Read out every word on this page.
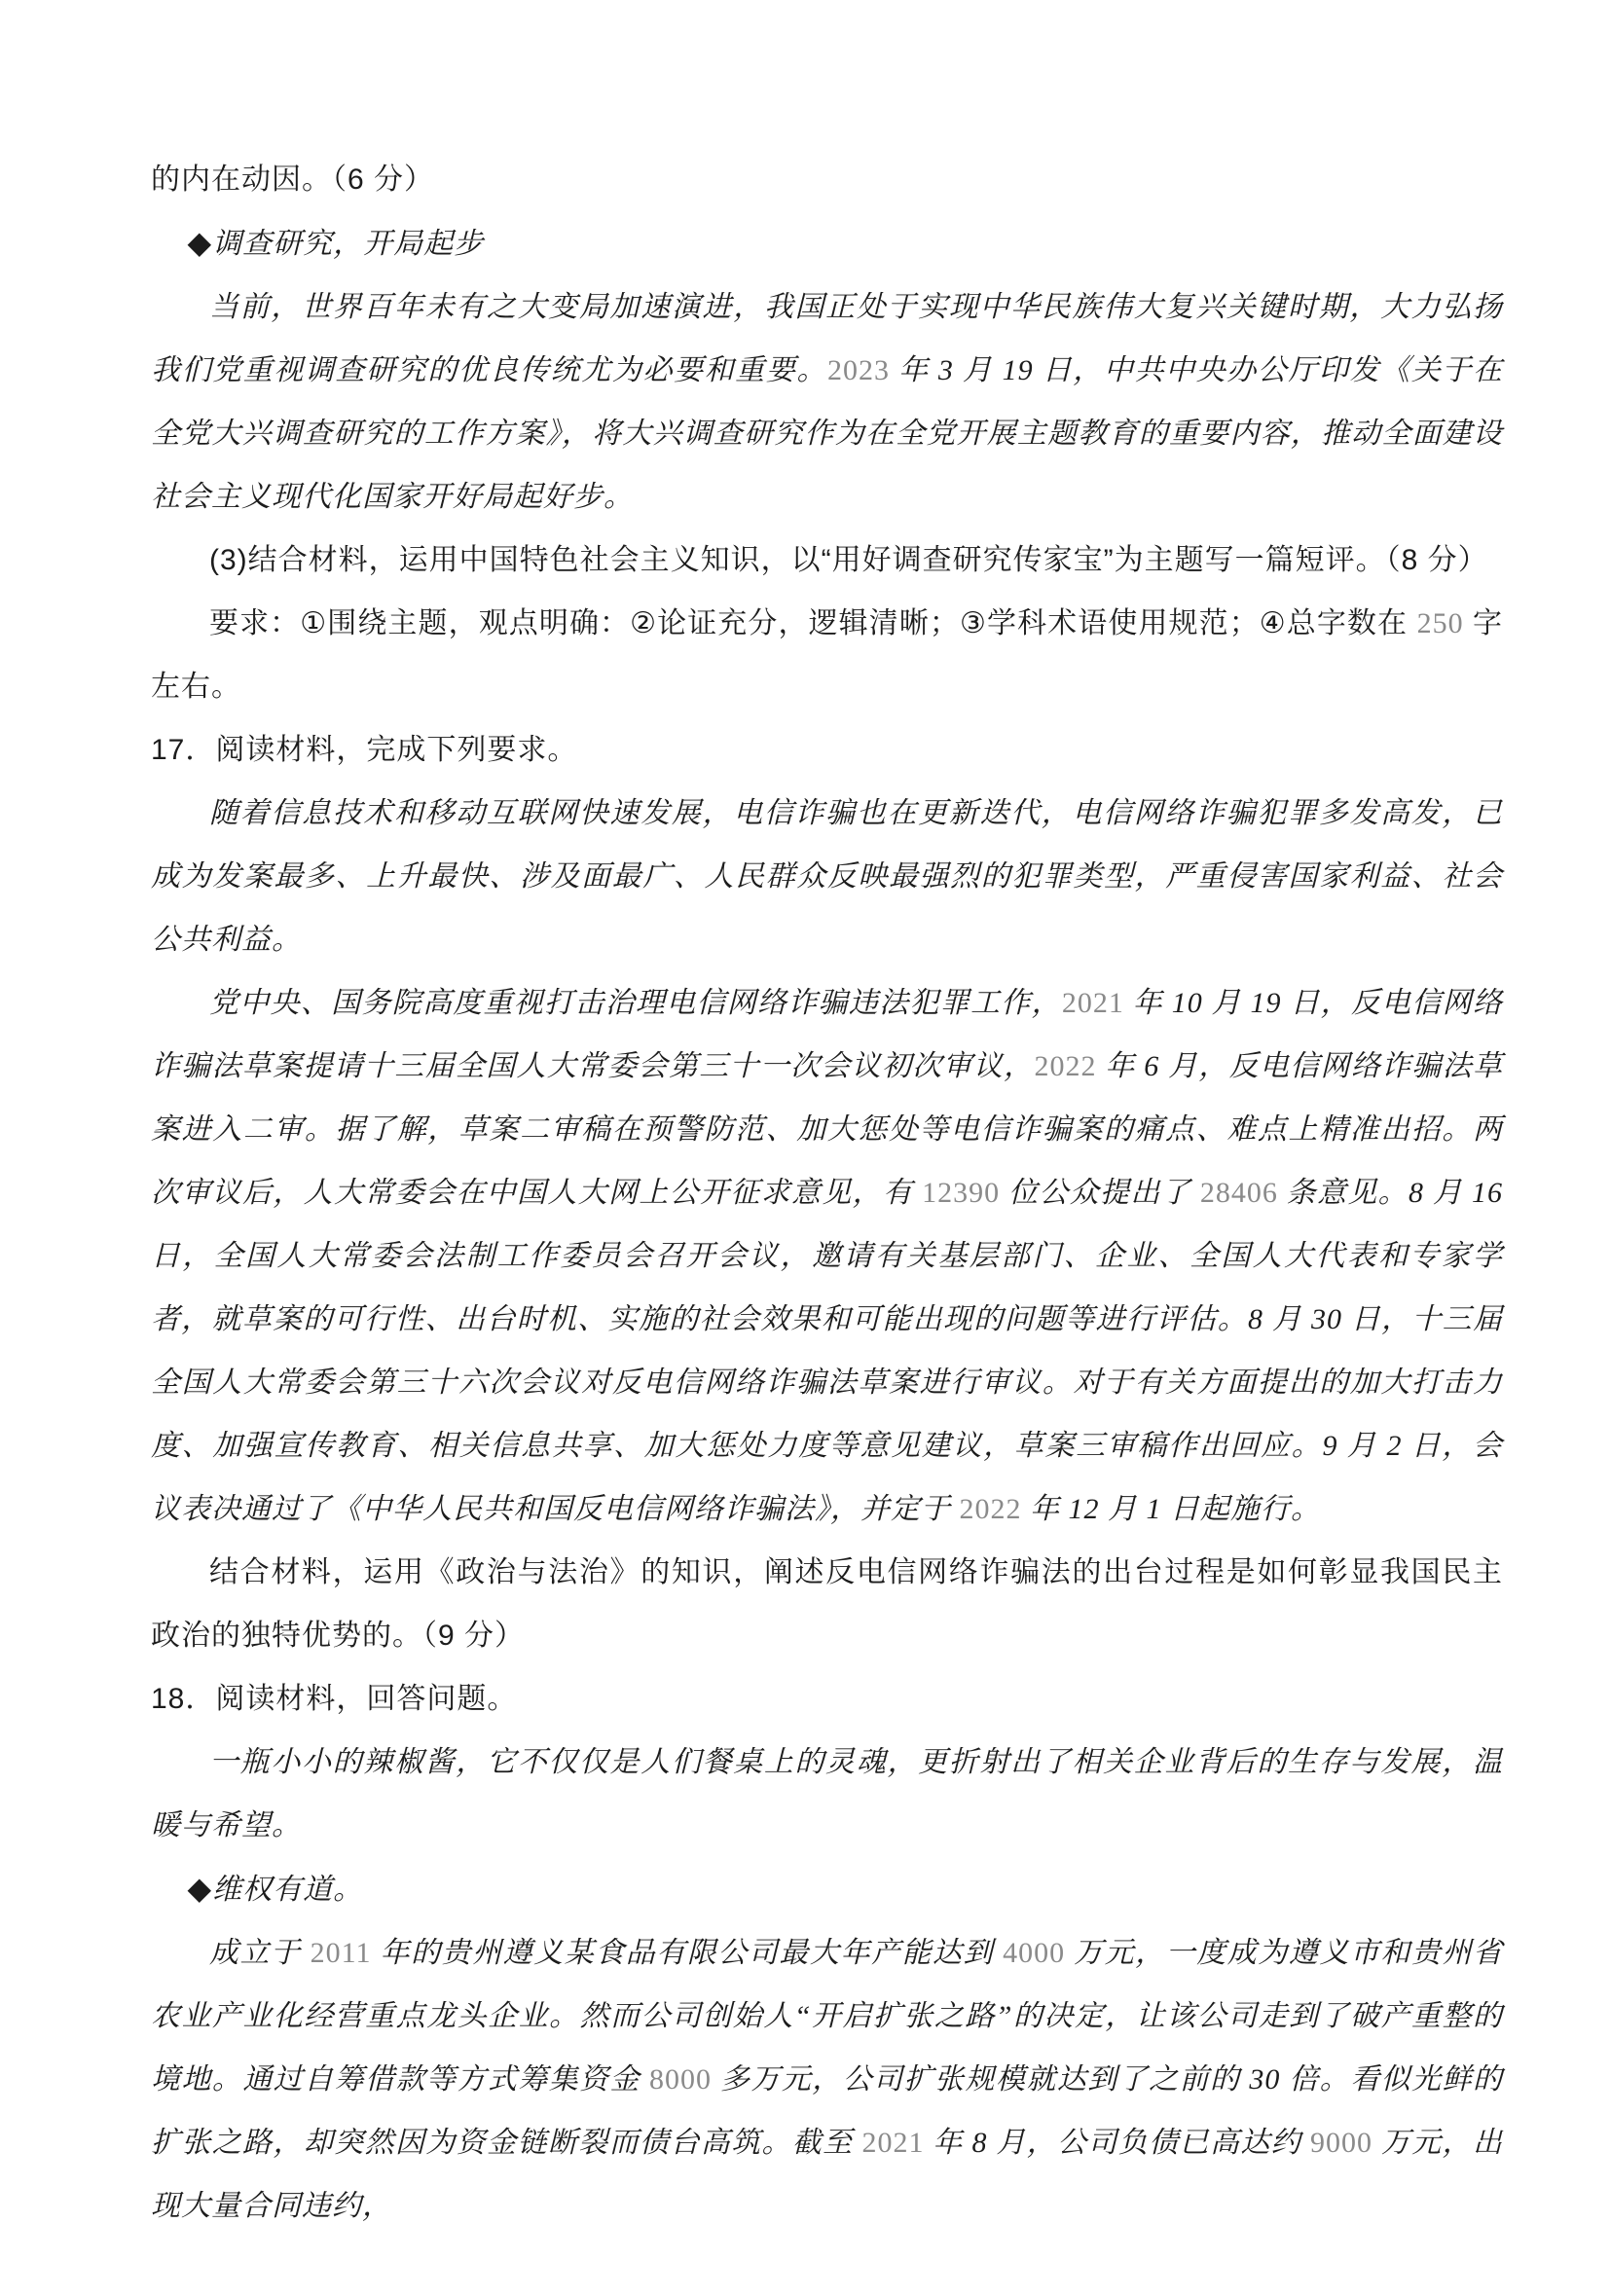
的内在动因。（6 分）

◆调查研究，开局起步

当前，世界百年未有之大变局加速演进，我国正处于实现中华民族伟大复兴关键时期，大力弘扬我们党重视调查研究的优良传统尤为必要和重要。2023 年 3 月 19 日，中共中央办公厅印发《关于在全党大兴调查研究的工作方案》，将大兴调查研究作为在全党开展主题教育的重要内容，推动全面建设社会主义现代化国家开好局起好步。

(3)结合材料，运用中国特色社会主义知识，以“用好调查研究传家宝”为主题写一篇短评。（8 分）

要求：①围绕主题，观点明确：②论证充分，逻辑清晰；③学科术语使用规范；④总字数在 250 字左右。

17．阅读材料，完成下列要求。

随着信息技术和移动互联网快速发展，电信诈骗也在更新迭代，电信网络诈骗犯罪多发高发，已成为发案最多、上升最快、涉及面最广、人民群众反映最强烈的犯罪类型，严重侵害国家利益、社会公共利益。

党中央、国务院高度重视打击治理电信网络诈骗违法犯罪工作，2021 年 10 月 19 日，反电信网络诈骗法草案提请十三届全国人大常委会第三十一次会议初次审议，2022 年 6 月，反电信网络诈骗法草案进入二审。据了解，草案二审稿在预警防范、加大惩处等电信诈骗案的痛点、难点上精准出招。两次审议后，人大常委会在中国人大网上公开征求意见，有 12390 位公众提出了 28406 条意见。8 月 16 日，全国人大常委会法制工作委员会召开会议，邀请有关基层部门、企业、全国人大代表和专家学者，就草案的可行性、出台时机、实施的社会效果和可能出现的问题等进行评估。8 月 30 日，十三届全国人大常委会第三十六次会议对反电信网络诈骗法草案进行审议。对于有关方面提出的加大打击力度、加强宣传教育、相关信息共享、加大惩处力度等意见建议，草案三审稿作出回应。9 月 2 日，会议表决通过了《中华人民共和国反电信网络诈骗法》，并定于 2022 年 12 月 1 日起施行。

结合材料，运用《政治与法治》的知识，阐述反电信网络诈骗法的出台过程是如何彰显我国民主政治的独特优势的。（9 分）

18．阅读材料，回答问题。

一瓶小小的辣椒酱，它不仅仅是人们餐桌上的灵魂，更折射出了相关企业背后的生存与发展，温暖与希望。

◆维权有道。

成立于 2011 年的贵州遵义某食品有限公司最大年产能达到 4000 万元，一度成为遵义市和贵州省农业产业化经营重点龙头企业。然而公司创始人“开启扩张之路”的决定，让该公司走到了破产重整的境地。通过自筹借款等方式筹集资金 8000 多万元，公司扩张规模就达到了之前的 30 倍。看似光鲜的扩张之路，却突然因为资金链断裂而债台高筑。截至 2021 年 8 月，公司负债已高达约 9000 万元，出现大量合同违约，
